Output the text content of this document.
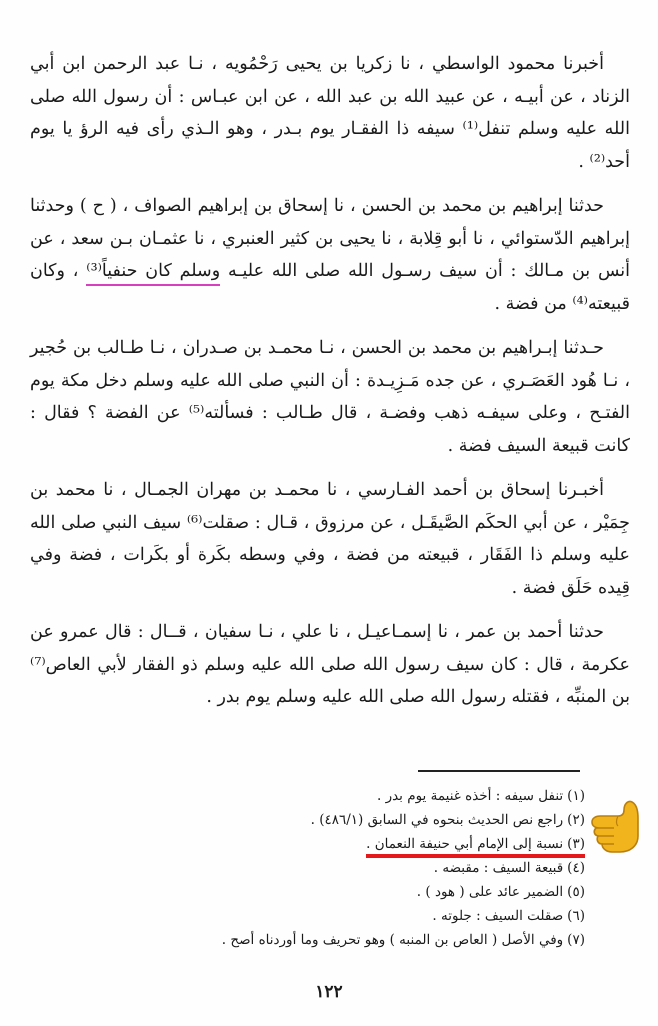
أخبرنا محمود الواسطي ، نا زكريا بن يحيى رَحْمُويه ، نـا عبد الرحمن ابن أبي الزناد ، عن أبيـه ، عن عبيد الله بن عبد الله ، عن ابن عبـاس : أن رسول الله صلى الله عليه وسلم تنفل⁽¹⁾ سيفه ذا الفقـار يوم بـدر ، وهو الـذي رأى فيه الرؤ يا يوم أحد⁽²⁾ .

حدثنا إبراهيم بن محمد بن الحسن ، نا إسحاق بن إبراهيم الصواف ، ( ح ) وحدثنا إبراهيم الدّستوائي ، نا أبو قِلابة ، نا يحيى بن كثير العنبري ، نا عثمـان بـن سعد ، عن أنس بن مـالك : أن سيف رسـول الله صلى الله عليـه وسلم كان حنفياً⁽³⁾ ، وكان قبيعته⁽⁴⁾ من فضة .

حـدثنا إبـراهيم بن محمد بن الحسن ، نـا محمـد بن صـدران ، نـا طـالب بن حُجير ، نـا هُود العَصَـري ، عن جده مَـزِيـدة : أن النبي صلى الله عليه وسلم دخل مكة يوم الفتـح ، وعلى سيفـه ذهب وفضـة ، قال طـالب : فسألته⁽⁵⁾ عن الفضة ؟ فقال : كانت قبيعة السيف فضة .

أخبـرنا إسحاق بن أحمد الفـارسي ، نا محمـد بن مهران الجمـال ، نا محمد بن جِمَيْر ، عن أبي الحكَم الصَّيقَـل ، عن مرزوق ، قـال : صقلت⁽⁶⁾ سيف النبي صلى الله عليه وسلم ذا الفَقَار ، قبيعته من فضة ، وفي وسطه بكَرة أو بكَرات ، فضة وفي قِيده حَلَق فضة .

حدثنا أحمد بن عمر ، نا إسمـاعيـل ، نا علي ، نـا سفيان ، قــال : قال عمرو عن عكرمة ، قال : كان سيف رسول الله صلى الله عليه وسلم ذو الفقار لأبي العاص⁽⁷⁾ بن المنبِّه ، فقتله رسول الله صلى الله عليه وسلم يوم بدر .

(١)تنفل سيفه : أخذه غنيمة يوم بدر .
(٢)راجع نص الحديث بنحوه في السابق (٤٨٦/١) .
(٣)نسبة إلى الإمام أبي حنيفة النعمان .
(٤)قبيعة السيف : مقبضه .
(٥)الضمير عائد على ( هود ) .
(٦)صقلت السيف : جلوته .
(٧)وفي الأصل ( العاص بن المنبه ) وهو تحريف وما أوردناه أصح .
١٢٢
